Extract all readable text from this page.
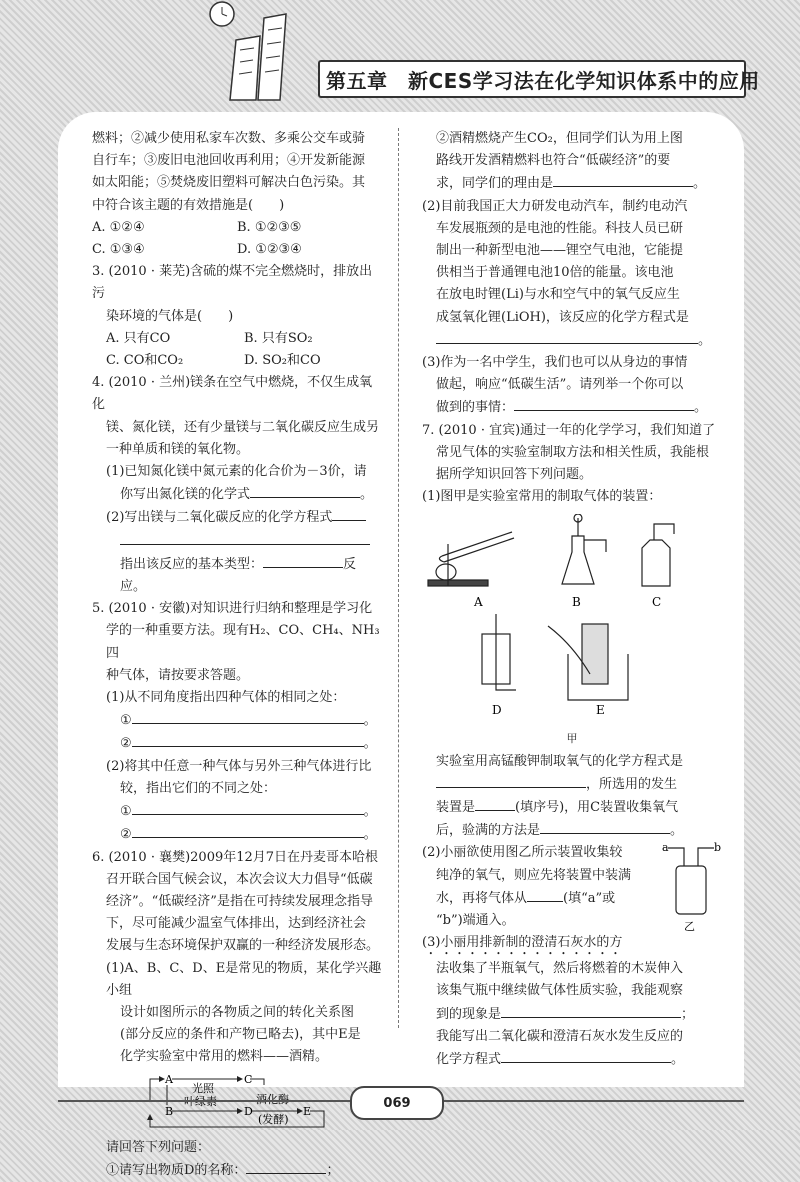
第五章　新CES学习法在化学知识体系中的应用

燃料；②减少使用私家车次数、多乘公交车或骑

自行车；③废旧电池回收再利用；④开发新能源

如太阳能；⑤焚烧废旧塑料可解决白色污染。其

中符合该主题的有效措施是(　　)

A. ①②④	B. ①②③⑤
C. ①③④	D. ①②③④

3. (2010 · 莱芜)含硫的煤不完全燃烧时，排放出污

染环境的气体是(　　)

A. 只有CO	B. 只有SO₂
C. CO和CO₂	D. SO₂和CO

4. (2010 · 兰州)镁条在空气中燃烧，不仅生成氧化

镁、氮化镁，还有少量镁与二氧化碳反应生成另

一种单质和镁的氧化物。

(1)已知氮化镁中氮元素的化合价为－3价，请

你写出氮化镁的化学式	。

(2)写出镁与二氧化碳反应的化学方程式

指出该反应的基本类型：	反应。

5. (2010 · 安徽)对知识进行归纳和整理是学习化

学的一种重要方法。现有H₂、CO、CH₄、NH₃四

种气体，请按要求答题。

(1)从不同角度指出四种气体的相同之处：

①	。

②	。

(2)将其中任意一种气体与另外三种气体进行比

较，指出它们的不同之处：

①	。

②	。

6. (2010 · 襄樊)2009年12月7日在丹麦哥本哈根

召开联合国气候会议，本次会议大力倡导“低碳

经济”。“低碳经济”是指在可持续发展理念指导

下，尽可能减少温室气体排出，达到经济社会

发展与生态环境保护双赢的一种经济发展形态。

(1)A、B、C、D、E是常见的物质，某化学兴趣小组

设计如图所示的各物质之间的转化关系图

(部分反应的条件和产物已略去)，其中E是

化学实验室中常用的燃料——酒精。

A
B
C
D	E
光照
叶绿素	酒化酶
(发酵)

请回答下列问题：

①请写出物质D的名称：	；

②酒精燃烧产生CO₂，但同学们认为用上图

路线开发酒精燃料也符合“低碳经济”的要

求，同学们的理由是	。

(2)目前我国正大力研发电动汽车，制约电动汽

车发展瓶颈的是电池的性能。科技人员已研

制出一种新型电池——锂空气电池，它能提

供相当于普通锂电池10倍的能量。该电池

在放电时锂(Li)与水和空气中的氧气反应生

成氢氧化锂(LiOH)，该反应的化学方程式是

。

(3)作为一名中学生，我们也可以从身边的事情

做起，响应“低碳生活”。请列举一个你可以

做到的事情：	。

7. (2010 · 宜宾)通过一年的化学学习，我们知道了

常见气体的实验室制取方法和相关性质，我能根

据所学知识回答下列问题。

(1)图甲是实验室常用的制取气体的装置：

A	B	C
D	E

甲

实验室用高锰酸钾制取氧气的化学方程式是

，所选用的发生

装置是	(填序号)，用C装置收集氧气

后，验满的方法是	。

(2)小丽欲使用图乙所示装置收集较

纯净的氧气，则应先将装置中装满

水，再将气体从	(填“a”或

“b”)端通入。

a	b
乙

(3)小丽用排新制的澄清石灰水的方

法收集了半瓶氧气，然后将燃着的木炭伸入

该集气瓶中继续做气体性质实验，我能观察

到的现象是	；

我能写出二氧化碳和澄清石灰水发生反应的

化学方程式	。

069
